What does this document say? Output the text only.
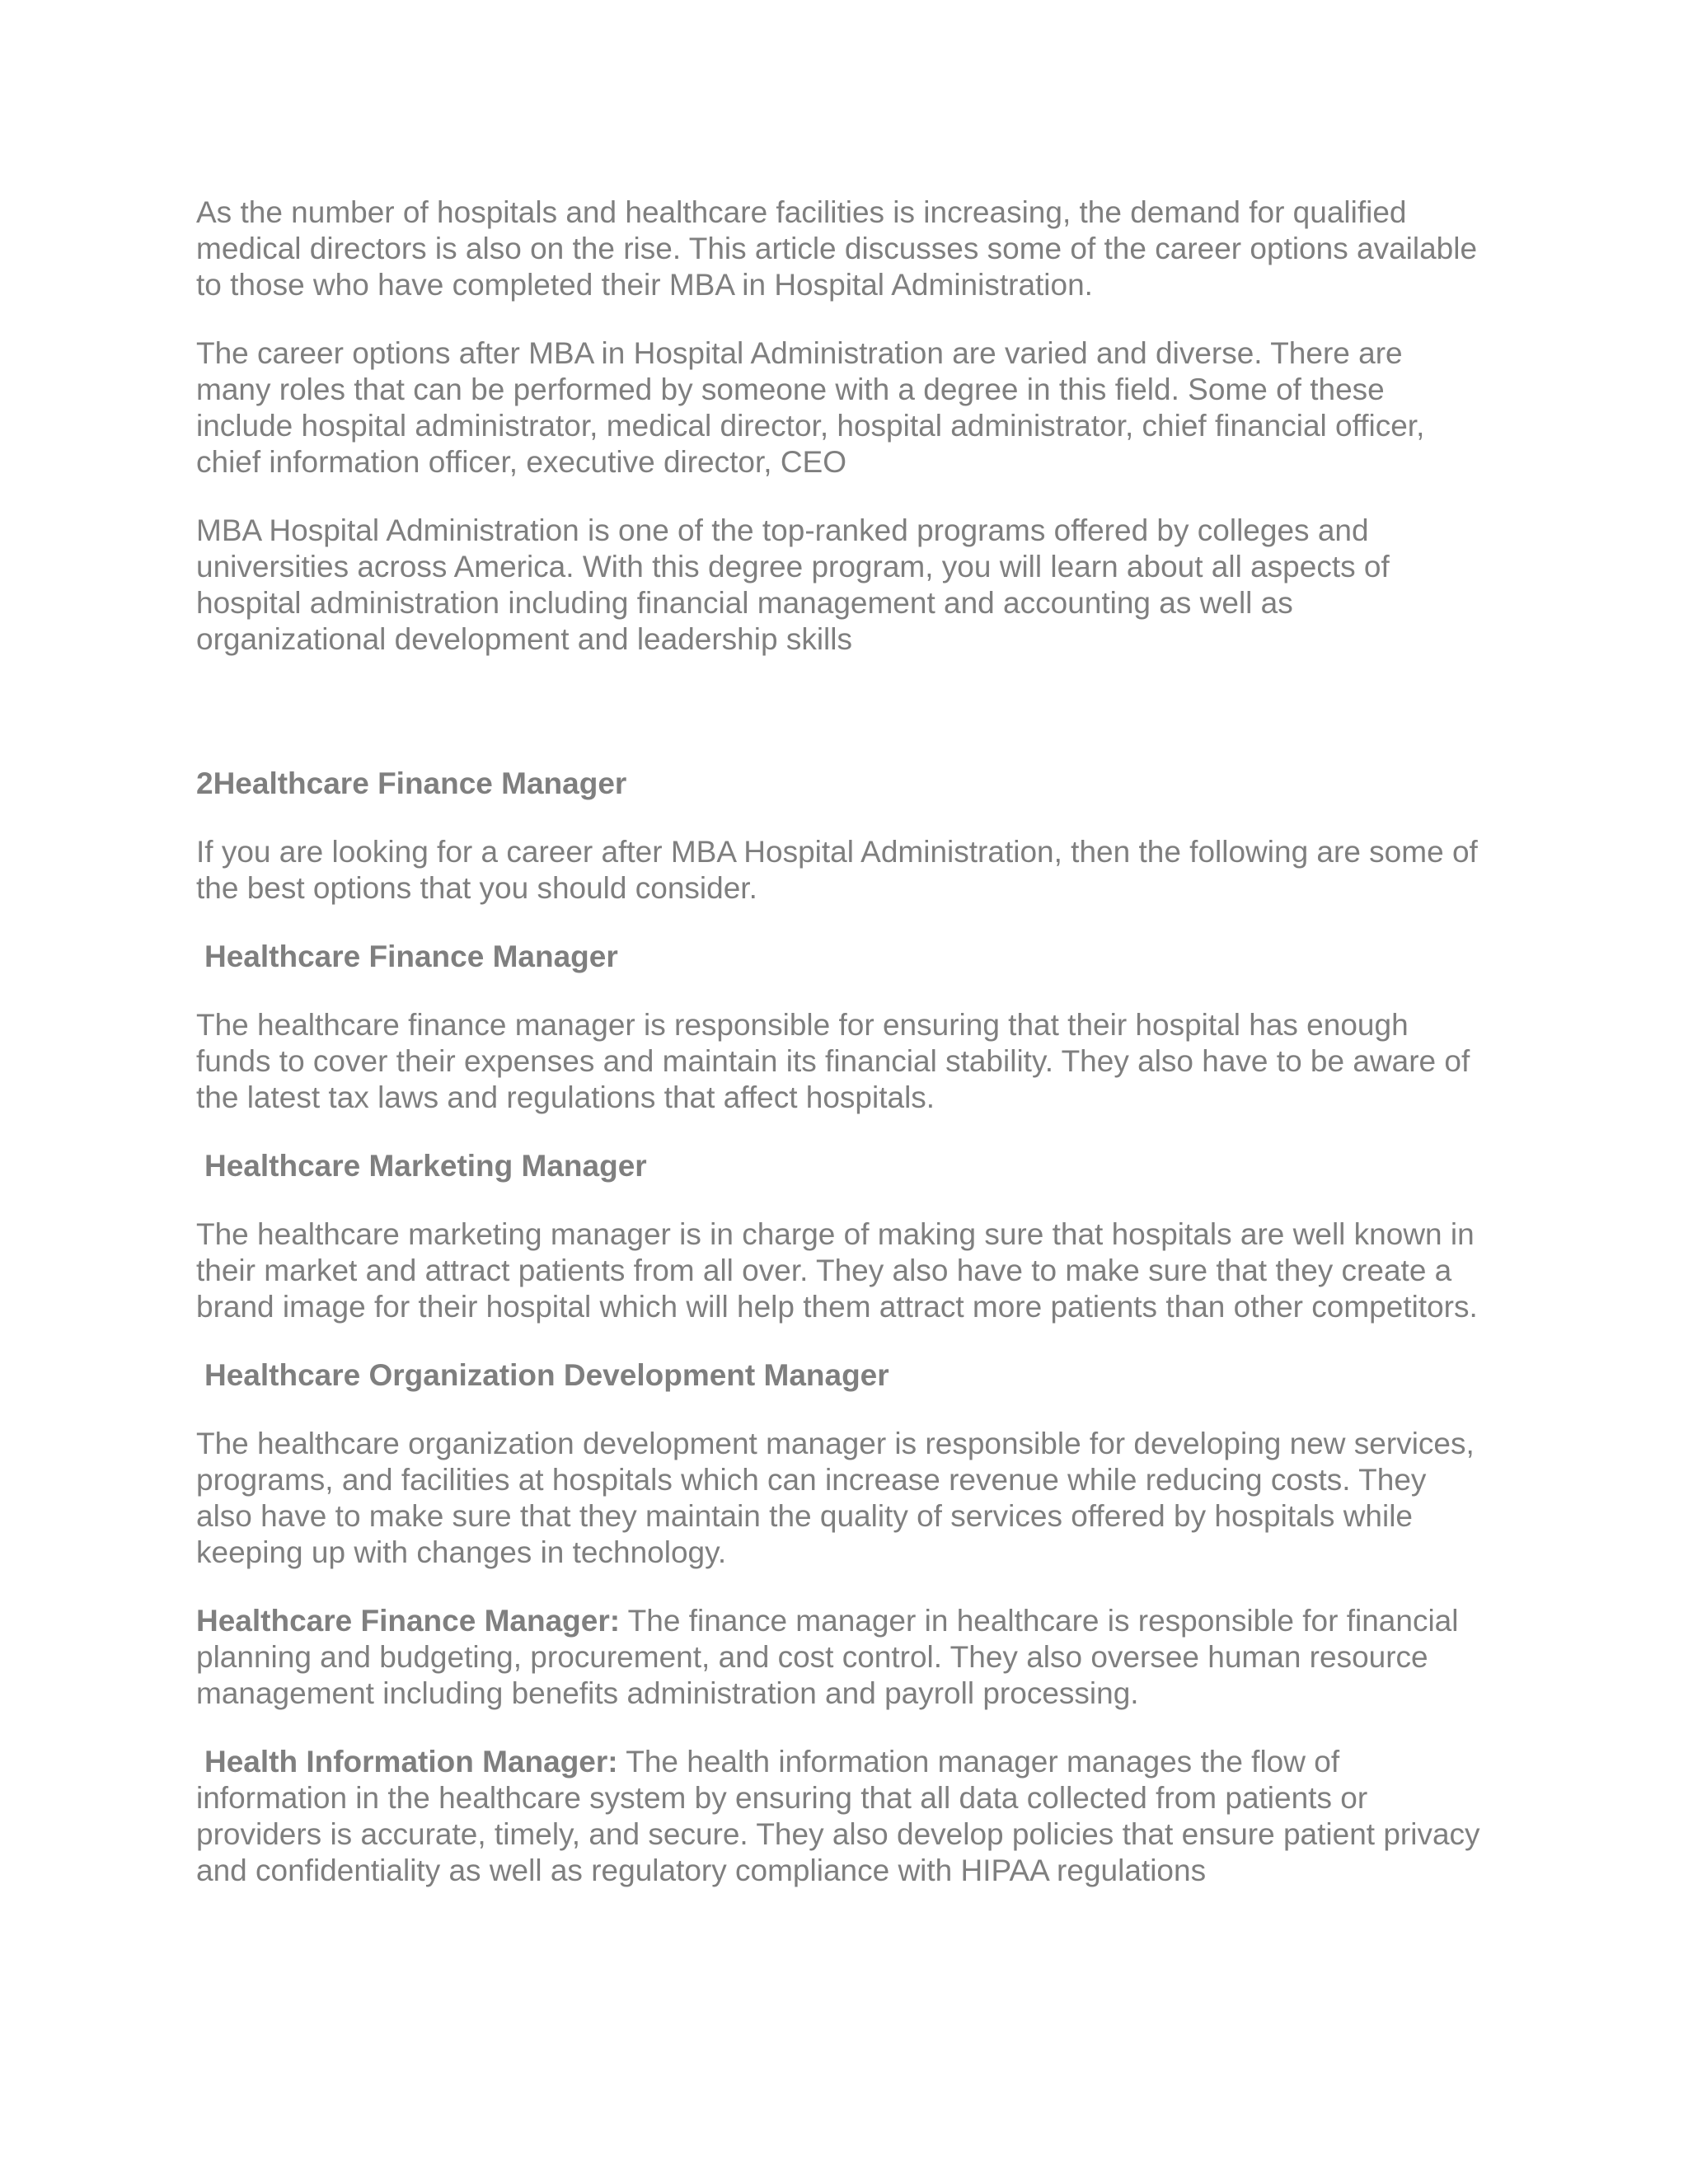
As the number of hospitals and healthcare facilities is increasing, the demand for qualified medical directors is also on the rise. This article discusses some of the career options available to those who have completed their MBA in Hospital Administration.

The career options after MBA in Hospital Administration are varied and diverse. There are many roles that can be performed by someone with a degree in this field. Some of these include hospital administrator, medical director, hospital administrator, chief financial officer, chief information officer, executive director, CEO

MBA Hospital Administration is one of the top-ranked programs offered by colleges and universities across America. With this degree program, you will learn about all aspects of hospital administration including financial management and accounting as well as organizational development and leadership skills

2Healthcare Finance Manager

If you are looking for a career after MBA Hospital Administration, then the following are some of the best options that you should consider.

Healthcare Finance Manager

The healthcare finance manager is responsible for ensuring that their hospital has enough funds to cover their expenses and maintain its financial stability. They also have to be aware of the latest tax laws and regulations that affect hospitals.

Healthcare Marketing Manager

The healthcare marketing manager is in charge of making sure that hospitals are well known in their market and attract patients from all over. They also have to make sure that they create a brand image for their hospital which will help them attract more patients than other competitors.

Healthcare Organization Development Manager

The healthcare organization development manager is responsible for developing new services, programs, and facilities at hospitals which can increase revenue while reducing costs. They also have to make sure that they maintain the quality of services offered by hospitals while keeping up with changes in technology.

Healthcare Finance Manager: The finance manager in healthcare is responsible for financial planning and budgeting, procurement, and cost control. They also oversee human resource management including benefits administration and payroll processing.

Health Information Manager: The health information manager manages the flow of information in the healthcare system by ensuring that all data collected from patients or providers is accurate, timely, and secure. They also develop policies that ensure patient privacy and confidentiality as well as regulatory compliance with HIPAA regulations
